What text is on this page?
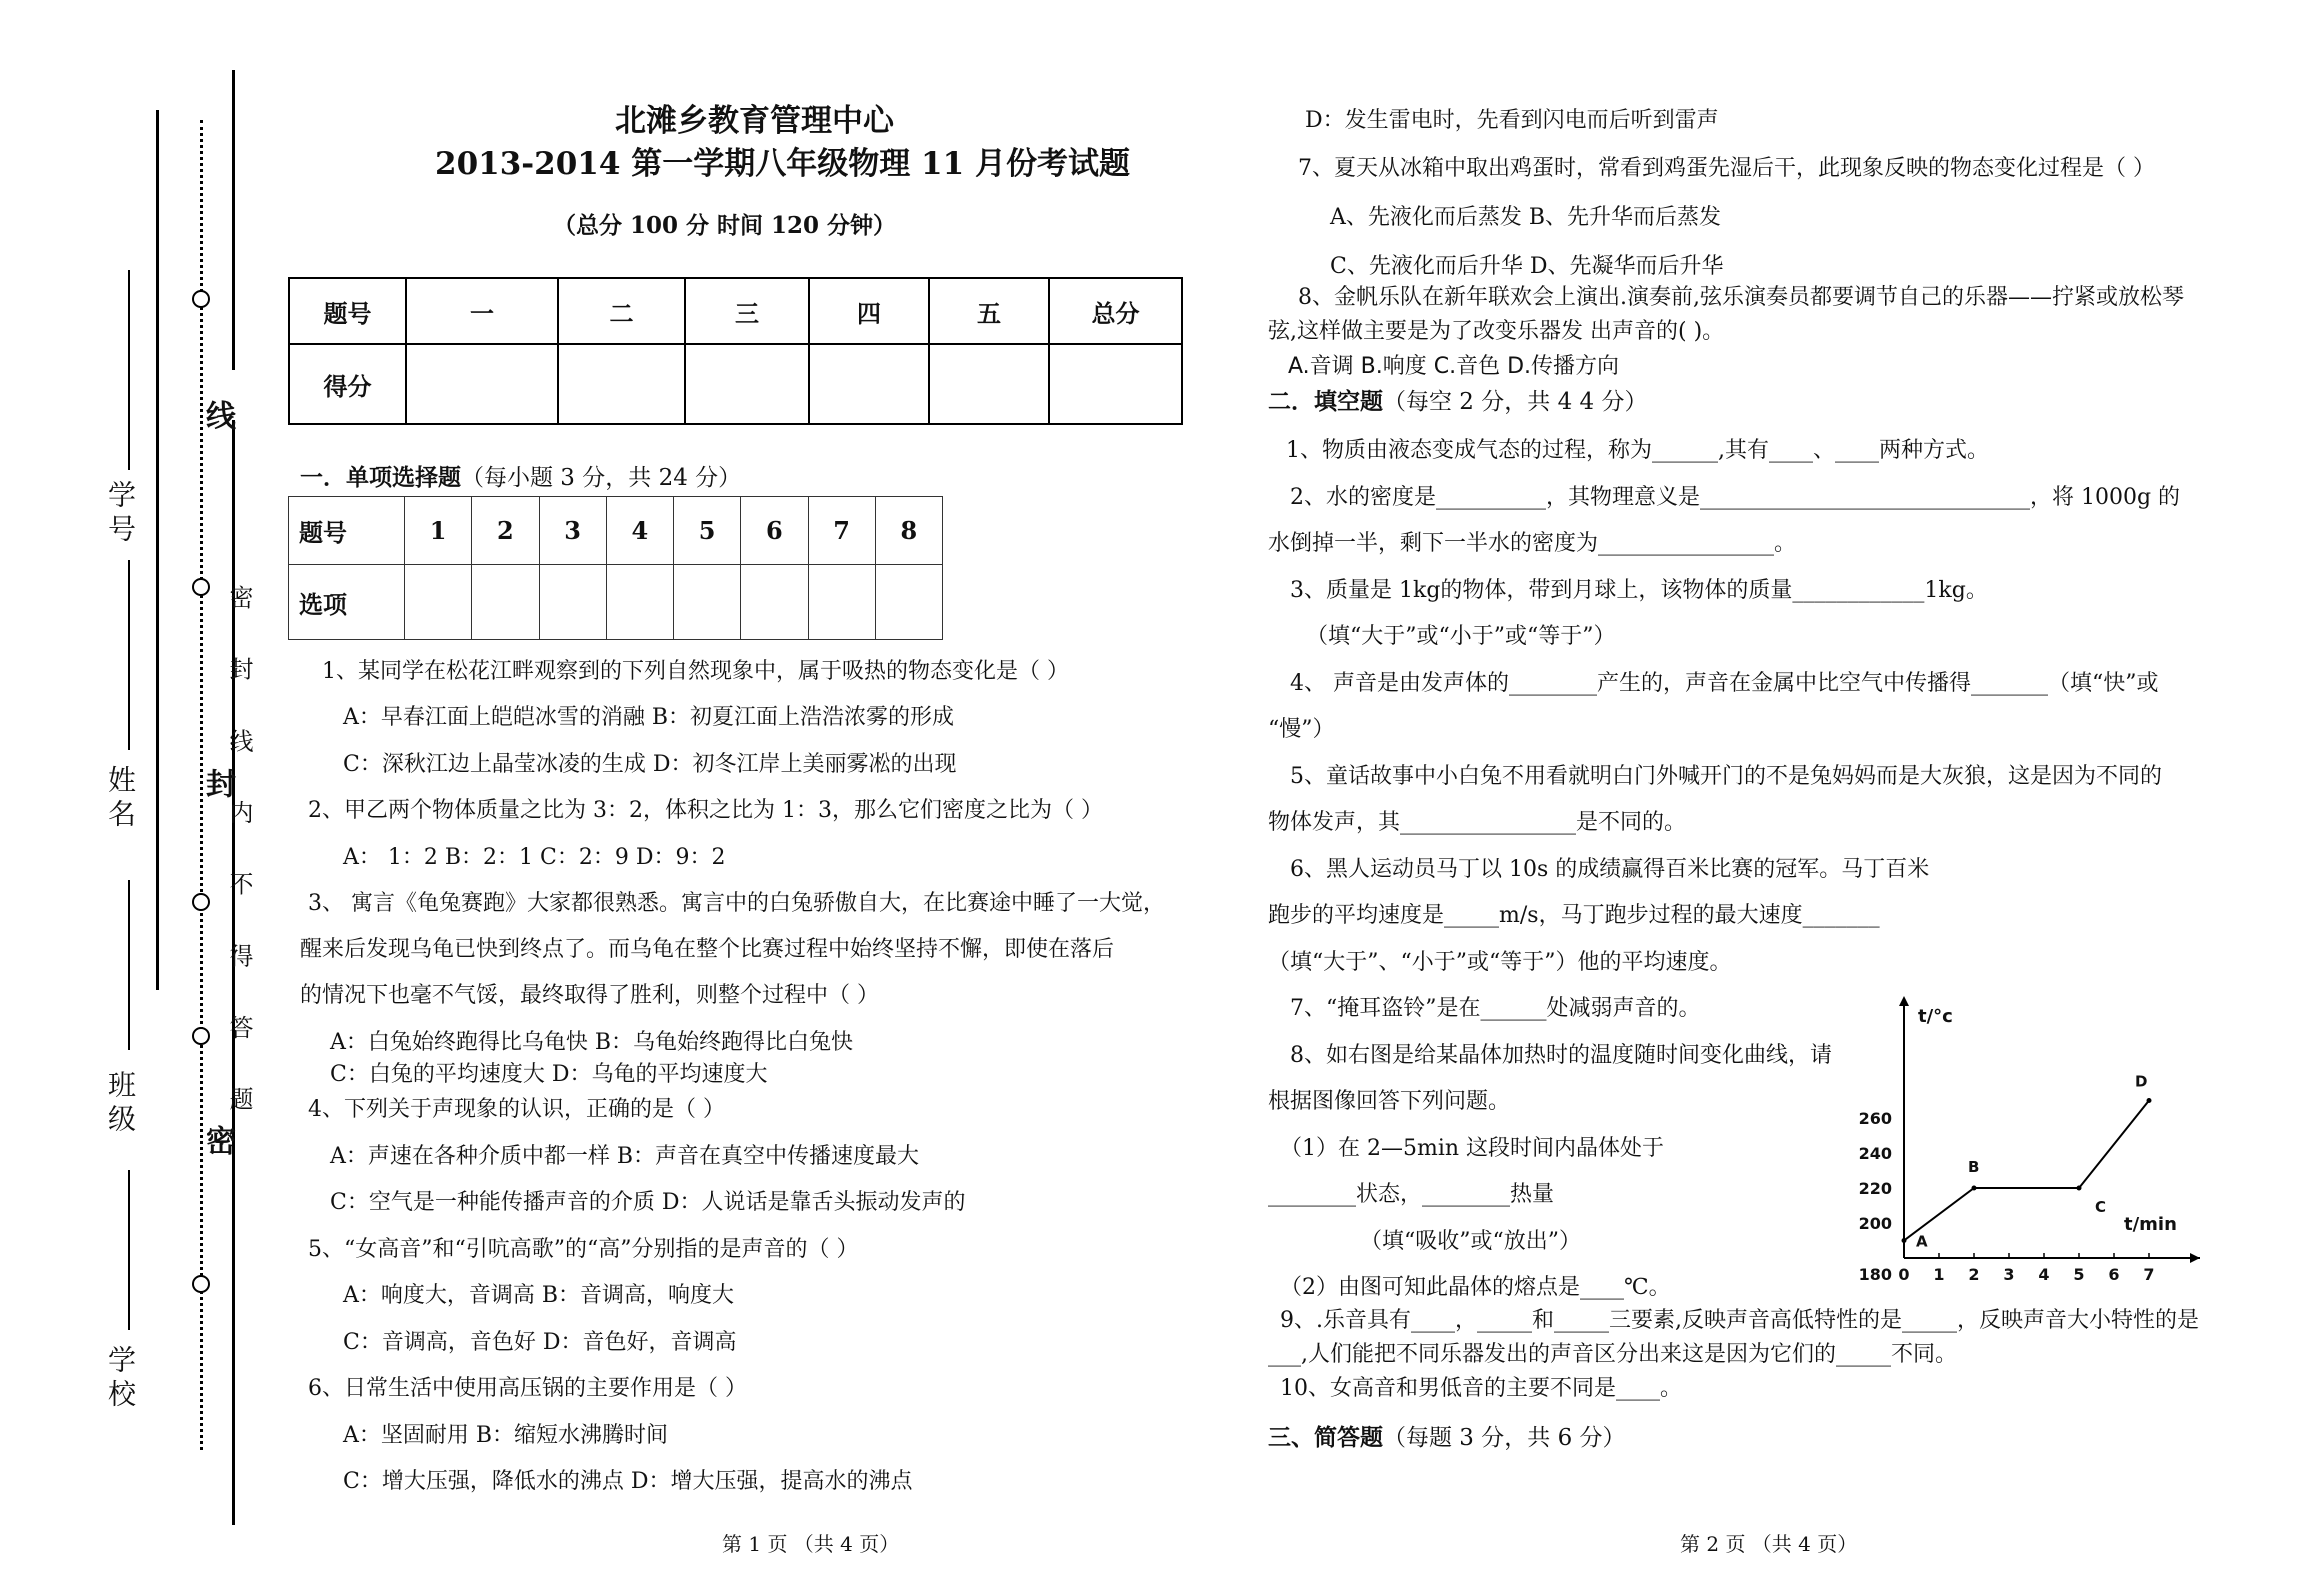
学号
姓名
班级
学校
线
封
密
密 封 线 内 不 得 答 题
北滩乡教育管理中心
2013-2014 第一学期八年级物理 11 月份考试题
（总分 100 分 时间 120 分钟）
题号	一	二	三	四	五	总分
得分						
一．单项选择题（每小题 3 分，共 24 分）
题号	1	2	3	4	5	6	7	8
选项								
1、某同学在松花江畔观察到的下列自然现象中，属于吸热的物态变化是（ ）
A：早春江面上皑皑冰雪的消融 B：初夏江面上浩浩浓雾的形成
C：深秋江边上晶莹冰凌的生成 D：初冬江岸上美丽雾凇的出现
2、甲乙两个物体质量之比为 3：2，体积之比为 1：3，那么它们密度之比为（ ）
A： 1：2 B：2：1 C：2：9 D：9：2
3、 寓言《龟兔赛跑》大家都很熟悉。寓言中的白兔骄傲自大，在比赛途中睡了一大觉，
醒来后发现乌龟已快到终点了。而乌龟在整个比赛过程中始终坚持不懈，即使在落后
的情况下也毫不气馁，最终取得了胜利，则整个过程中（ ）
A：白兔始终跑得比乌龟快 B：乌龟始终跑得比白兔快
C：白兔的平均速度大 D：乌龟的平均速度大
4、下列关于声现象的认识，正确的是（ ）
A：声速在各种介质中都一样 B：声音在真空中传播速度最大
C：空气是一种能传播声音的介质 D：人说话是靠舌头振动发声的
5、“女高音”和“引吭高歌”的“高”分别指的是声音的（ ）
A：响度大，音调高 B：音调高，响度大
C：音调高，音色好 D：音色好，音调高
6、日常生活中使用高压锅的主要作用是（ ）
A：坚固耐用 B：缩短水沸腾时间
C：增大压强，降低水的沸点 D：增大压强，提高水的沸点
第 1 页 （共 4 页）
D：发生雷电时，先看到闪电而后听到雷声
7、夏天从冰箱中取出鸡蛋时，常看到鸡蛋先湿后干，此现象反映的物态变化过程是（ ）
A、先液化而后蒸发 B、先升华而后蒸发
C、先液化而后升华 D、先凝华而后升华
8、金帆乐队在新年联欢会上演出.演奏前,弦乐演奏员都要调节自己的乐器——拧紧或放松琴
弦,这样做主要是为了改变乐器发 出声音的( )。
A.音调 B.响度 C.音色 D.传播方向
二．填空题（每空 2 分，共 4 4 分）
1、物质由液态变成气态的过程，称为______,其有____、____两种方式。
2、水的密度是__________，其物理意义是______________________________，将 1000g 的
水倒掉一半，剩下一半水的密度为________________。
3、质量是 1kg的物体，带到月球上，该物体的质量____________1kg。
（填“大于”或“小于”或“等于”）
4、 声音是由发声体的________产生的，声音在金属中比空气中传播得_______（填“快”或
“慢”）
5、童话故事中小白兔不用看就明白门外喊开门的不是兔妈妈而是大灰狼，这是因为不同的
物体发声，其________________是不同的。
6、黑人运动员马丁以 10s 的成绩赢得百米比赛的冠军。马丁百米
跑步的平均速度是_____m/s，马丁跑步过程的最大速度_______
（填“大于”、“小于”或“等于”）他的平均速度。
7、“掩耳盗铃”是在______处减弱声音的。
8、如右图是给某晶体加热时的温度随时间变化曲线，请
根据图像回答下列问题。
（1）在 2—5min 这段时间内晶体处于
________状态，________热量
（填“吸收”或“放出”）
（2）由图可知此晶体的熔点是____℃。
9、.乐音具有____，_____和_____三要素,反映声音高低特性的是_____，反映声音大小特性的是
___,人们能把不同乐器发出的声音区分出来这是因为它们的_____不同。
10、女高音和男低音的主要不同是____。
三、简答题（每题 3 分，共 6 分）
第 2 页 （共 4 页）
t/°c
t/min
0 1 2 3 4 5 6 7
180
200
220
240
260
A
B
C
D
